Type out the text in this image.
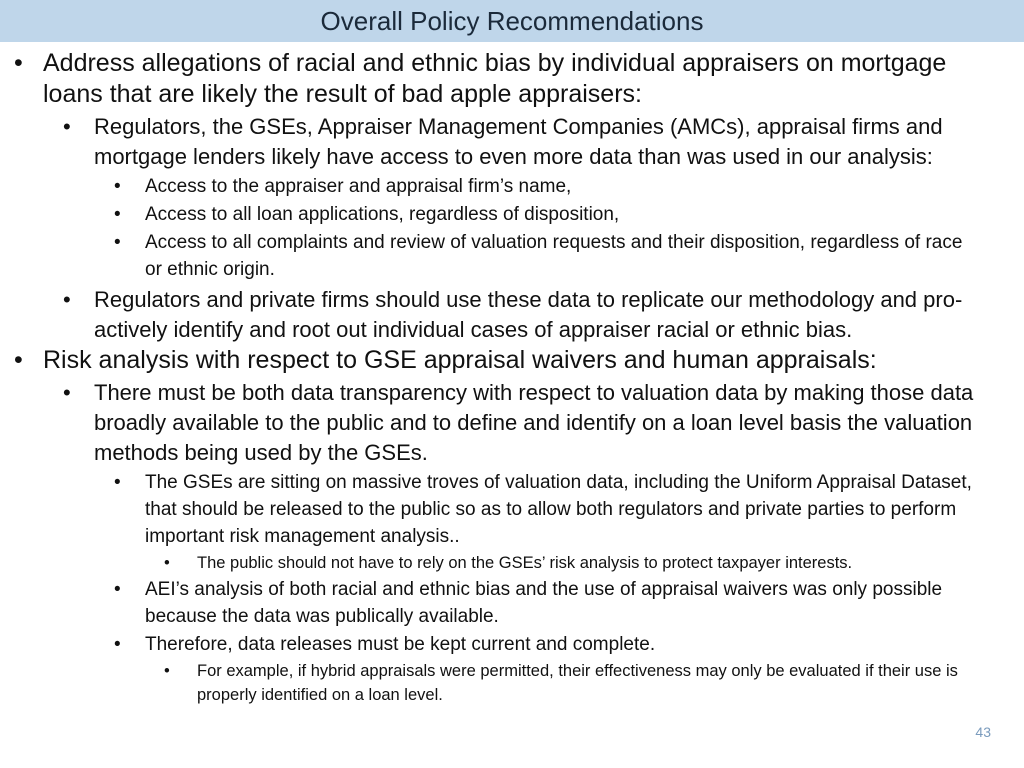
Overall Policy Recommendations
• Address allegations of racial and ethnic bias by individual appraisers on mortgage loans that are likely the result of bad apple appraisers:
• Regulators, the GSEs, Appraiser Management Companies (AMCs), appraisal firms and mortgage lenders likely have access to even more data than was used in our analysis:
• Access to the appraiser and appraisal firm’s name,
• Access to all loan applications, regardless of disposition,
• Access to all complaints and review of valuation requests and their disposition, regardless of race or ethnic origin.
• Regulators and private firms should use these data to replicate our methodology and pro-actively identify and root out individual cases of appraiser racial or ethnic bias.
• Risk analysis with respect to GSE appraisal waivers and human appraisals:
• There must be both data transparency with respect to valuation data by making those data broadly available to the public and to define and identify on a loan level basis the valuation methods being used by the GSEs.
• The GSEs are sitting on massive troves of valuation data, including the Uniform Appraisal Dataset, that should be released to the public so as to allow both regulators and private parties to perform important risk management analysis..
• The public should not have to rely on the GSEs’ risk analysis to protect taxpayer interests.
• AEI’s analysis of both racial and ethnic bias and the use of appraisal waivers was only possible because the data was publically available.
• Therefore, data releases must be kept current and complete.
• For example, if hybrid appraisals were permitted, their effectiveness may only be evaluated if their use is properly identified on a loan level.
43
